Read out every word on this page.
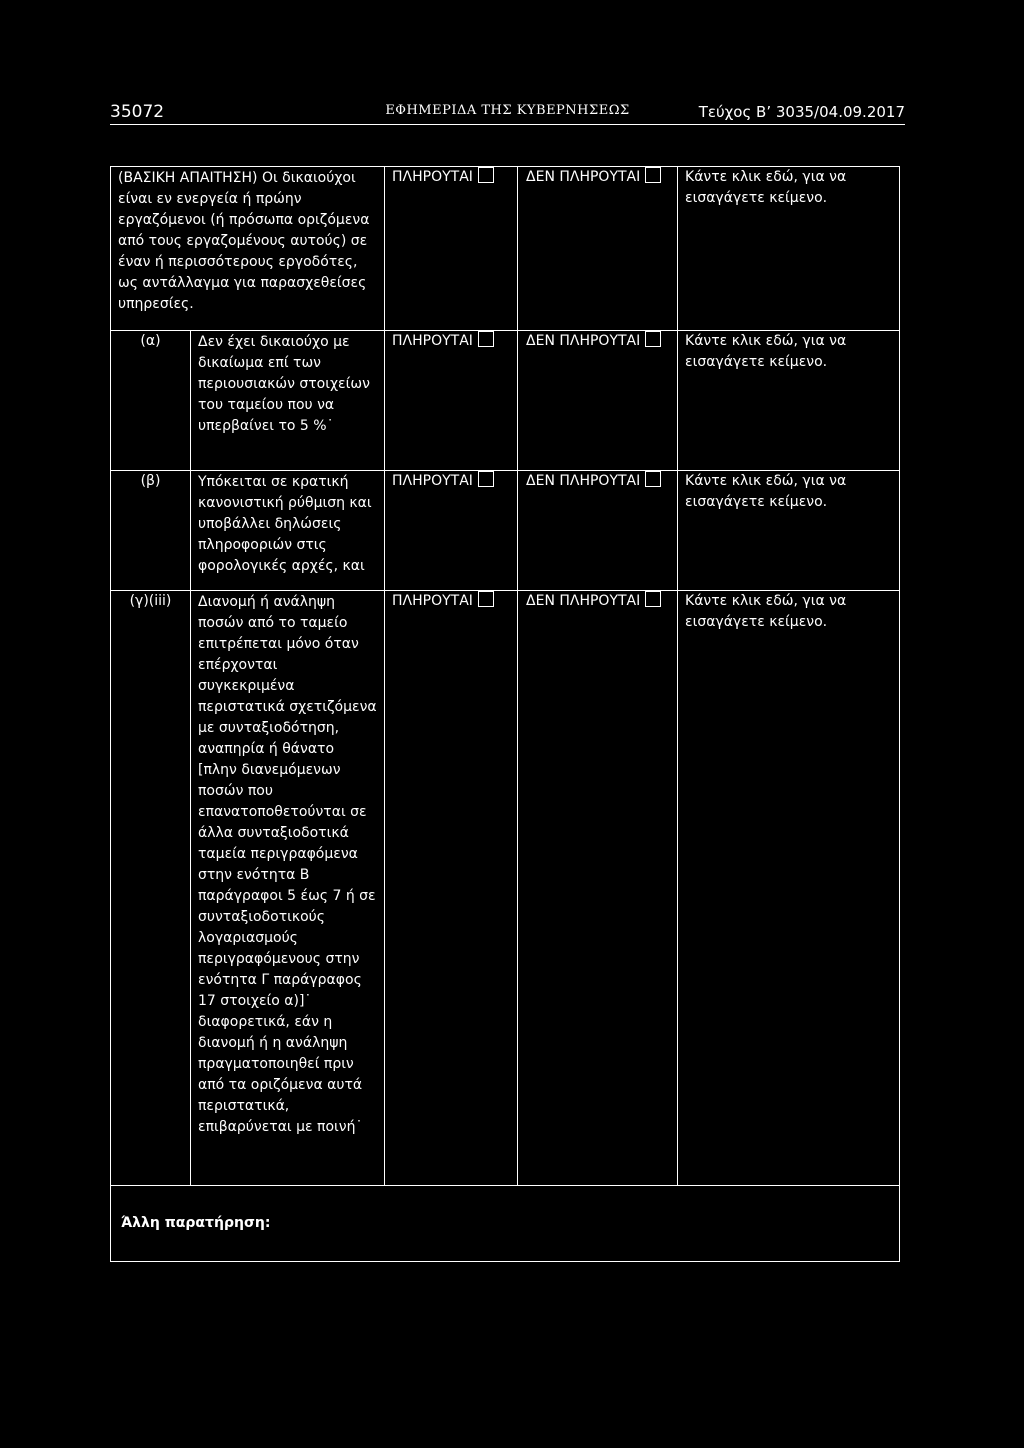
35072	ΕΦΗΜΕΡΙΔΑ ΤΗΣ ΚΥΒΕΡΝΗΣΕΩΣ	Τεύχος Β’ 3035/04.09.2017
(ΒΑΣΙΚΗ ΑΠΑΙΤΗΣΗ) Οι δικαιούχοι είναι εν ενεργεία ή πρώην εργαζόμενοι (ή πρόσωπα οριζόμενα από τους εργαζομένους αυτούς) σε έναν ή περισσότερους εργοδότες, ως αντάλλαγμα για παρασχεθείσες υπηρεσίες.		ΠΛΗΡΟΥΤΑΙ	ΔΕΝ ΠΛΗΡΟΥΤΑΙ	Κάντε κλικ εδώ, για να εισαγάγετε κείμενο.
(α)	Δεν έχει δικαιούχο με δικαίωμα επί των περιουσιακών στοιχείων του ταμείου που να υπερβαίνει το 5 %˙	ΠΛΗΡΟΥΤΑΙ	ΔΕΝ ΠΛΗΡΟΥΤΑΙ	Κάντε κλικ εδώ, για να εισαγάγετε κείμενο.
(β)	Υπόκειται σε κρατική κανονιστική ρύθμιση και υποβάλλει δηλώσεις πληροφοριών στις φορολογικές αρχές, και	ΠΛΗΡΟΥΤΑΙ	ΔΕΝ ΠΛΗΡΟΥΤΑΙ	Κάντε κλικ εδώ, για να εισαγάγετε κείμενο.
(γ)(iii)	Διανομή ή ανάληψη ποσών από το ταμείο επιτρέπεται μόνο όταν επέρχονται συγκεκριμένα περιστατικά σχετιζόμενα με συνταξιοδότηση, αναπηρία ή θάνατο [πλην διανεμόμενων ποσών που επανατοποθετούνται σε άλλα συνταξιοδοτικά ταμεία περιγραφόμενα στην ενότητα Β παράγραφοι 5 έως 7 ή σε συνταξιοδοτικούς λογαριασμούς περιγραφόμενους στην ενότητα Γ παράγραφος 17 στοιχείο α)]˙ διαφορετικά, εάν η διανομή ή η ανάληψη πραγματοποιηθεί πριν από τα οριζόμενα αυτά περιστατικά, επιβαρύνεται με ποινή˙	ΠΛΗΡΟΥΤΑΙ	ΔΕΝ ΠΛΗΡΟΥΤΑΙ	Κάντε κλικ εδώ, για να εισαγάγετε κείμενο.
Άλλη παρατήρηση:				
